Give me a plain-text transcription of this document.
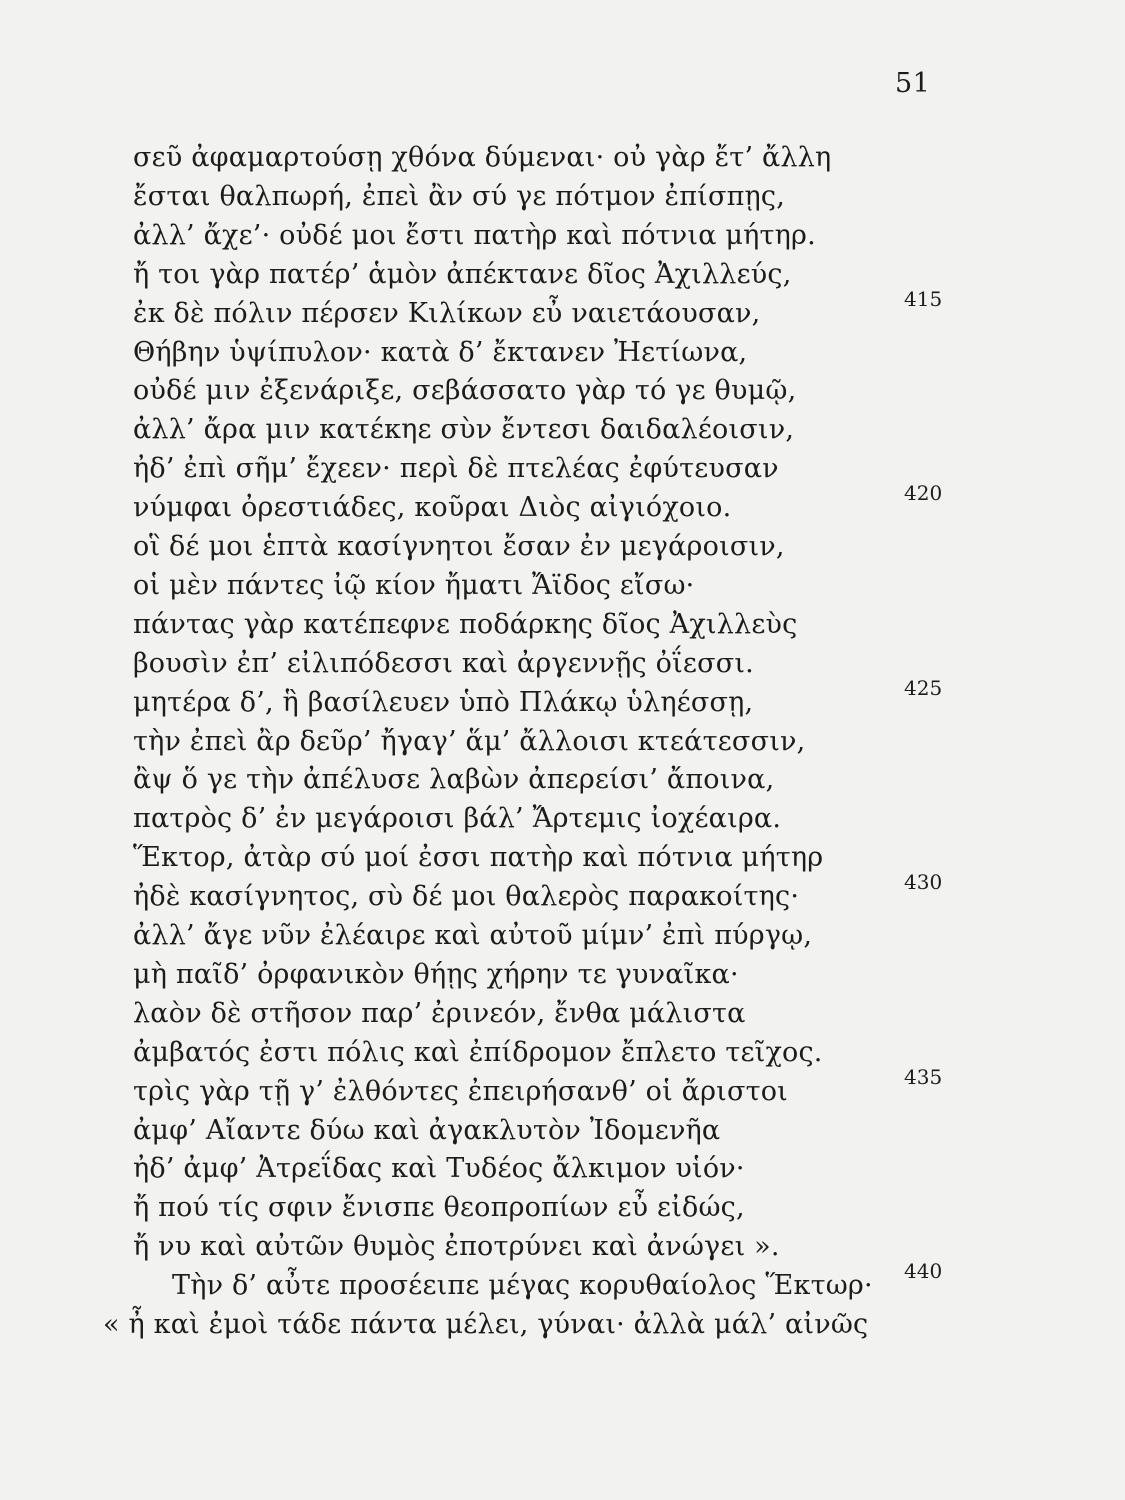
51
σεῦ ἀφαμαρτούσῃ χθόνα δύμεναι· οὐ γὰρ ἔτ’ ἄλλη
ἔσται θαλπωρή, ἐπεὶ ἂν σύ γε πότμον ἐπίσπῃς,
ἀλλ’ ἄχε’· οὐδέ μοι ἔστι πατὴρ καὶ πότνια μήτηρ.
ἤ τοι γὰρ πατέρ’ ἁμὸν ἀπέκτανε δῖος Ἀχιλλεύς,
ἐκ δὲ πόλιν πέρσεν Κιλίκων εὖ ναιετάουσαν,	415
Θήβην ὑψίπυλον· κατὰ δ’ ἔκτανεν Ἠετίωνα,
οὐδέ μιν ἐξενάριξε, σεβάσσατο γὰρ τό γε θυμῷ,
ἀλλ’ ἄρα μιν κατέκηε σὺν ἔντεσι δαιδαλέοισιν,
ἠδ’ ἐπὶ σῆμ’ ἔχεεν· περὶ δὲ πτελέας ἐφύτευσαν
νύμφαι ὀρεστιάδες, κοῦραι Διὸς αἰγιόχοιο.	420
οἳ δέ μοι ἑπτὰ κασίγνητοι ἔσαν ἐν μεγάροισιν,
οἱ μὲν πάντες ἰῷ κίον ἤματι Ἄϊδος εἴσω·
πάντας γὰρ κατέπεφνε ποδάρκης δῖος Ἀχιλλεὺς
βουσὶν ἐπ’ εἰλιπόδεσσι καὶ ἀργεννῇς ὀΐεσσι.
μητέρα δ’, ἣ βασίλευεν ὑπὸ Πλάκῳ ὑληέσσῃ,	425
τὴν ἐπεὶ ἂρ δεῦρ’ ἤγαγ’ ἅμ’ ἄλλοισι κτεάτεσσιν,
ἂψ ὅ γε τὴν ἀπέλυσε λαβὼν ἀπερείσι’ ἄποινα,
πατρὸς δ’ ἐν μεγάροισι βάλ’ Ἄρτεμις ἰοχέαιρα.
Ἕκτορ, ἀτὰρ σύ μοί ἐσσι πατὴρ καὶ πότνια μήτηρ
ἠδὲ κασίγνητος, σὺ δέ μοι θαλερὸς παρακοίτης·	430
ἀλλ’ ἄγε νῦν ἐλέαιρε καὶ αὐτοῦ μίμν’ ἐπὶ πύργῳ,
μὴ παῖδ’ ὀρφανικὸν θήῃς χήρην τε γυναῖκα·
λαὸν δὲ στῆσον παρ’ ἐρινεόν, ἔνθα μάλιστα
ἀμβατός ἐστι πόλις καὶ ἐπίδρομον ἔπλετο τεῖχος.
τρὶς γὰρ τῇ γ’ ἐλθόντες ἐπειρήσανθ’ οἱ ἄριστοι	435
ἀμφ’ Αἴαντε δύω καὶ ἀγακλυτὸν Ἰδομενῆα
ἠδ’ ἀμφ’ Ἀτρεΐδας καὶ Τυδέος ἄλκιμον υἱόν·
ἤ πού τίς σφιν ἔνισπε θεοπροπίων εὖ εἰδώς,
ἤ νυ καὶ αὐτῶν θυμὸς ἐποτρύνει καὶ ἀνώγει ».
Τὴν δ’ αὖτε προσέειπε μέγας κορυθαίολος Ἕκτωρ· 440
« ἦ καὶ ἐμοὶ τάδε πάντα μέλει, γύναι· ἀλλὰ μάλ’ αἰνῶς
